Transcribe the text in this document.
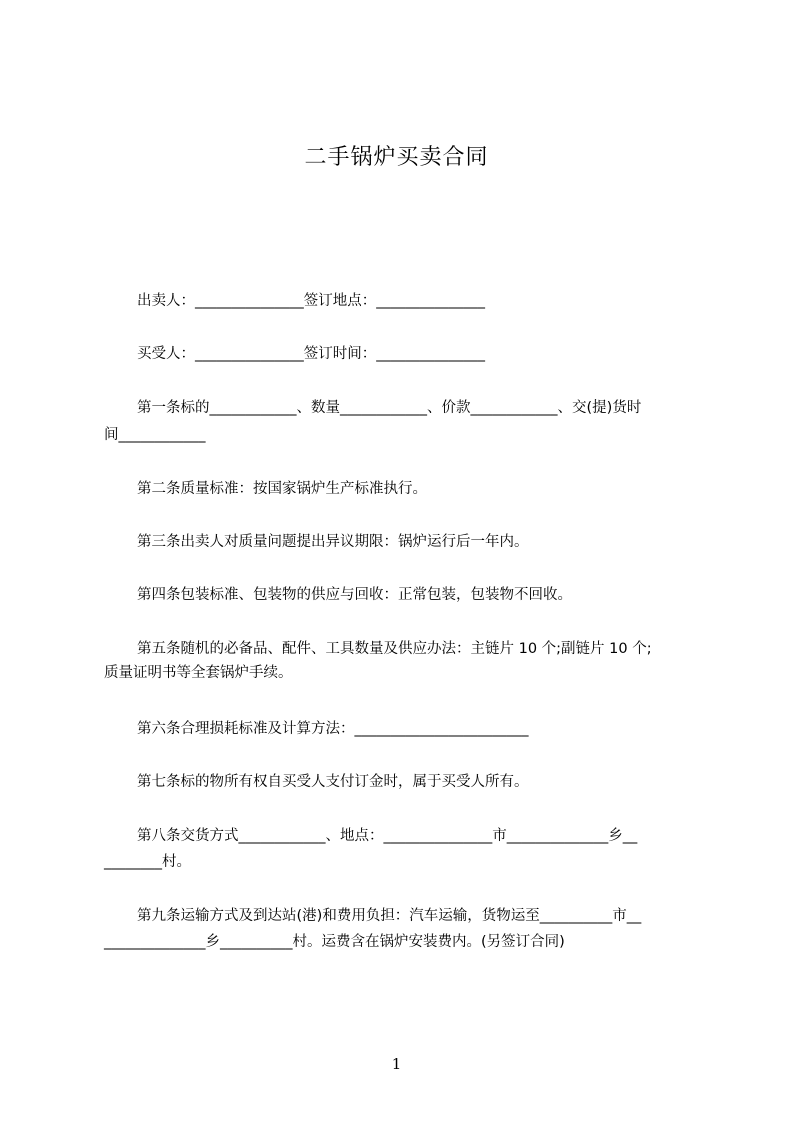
二手锅炉买卖合同
出卖人：_______________签订地点：_______________
买受人：_______________签订时间：_______________
第一条标的____________、数量____________、价款____________、交(提)货时
间____________
第二条质量标准：按国家锅炉生产标准执行。
第三条出卖人对质量问题提出异议期限：锅炉运行后一年内。
第四条包装标准、包装物的供应与回收：正常包装，包装物不回收。
第五条随机的必备品、配件、工具数量及供应办法：主链片 10 个;副链片 10 个;
质量证明书等全套锅炉手续。
第六条合理损耗标准及计算方法：________________________
第七条标的物所有权自买受人支付订金时，属于买受人所有。
第八条交货方式____________、地点：_______________市______________乡__
________村。
第九条运输方式及到达站(港)和费用负担：汽车运输，货物运至__________市__
______________乡__________村。运费含在锅炉安装费内。(另签订合同)
1
